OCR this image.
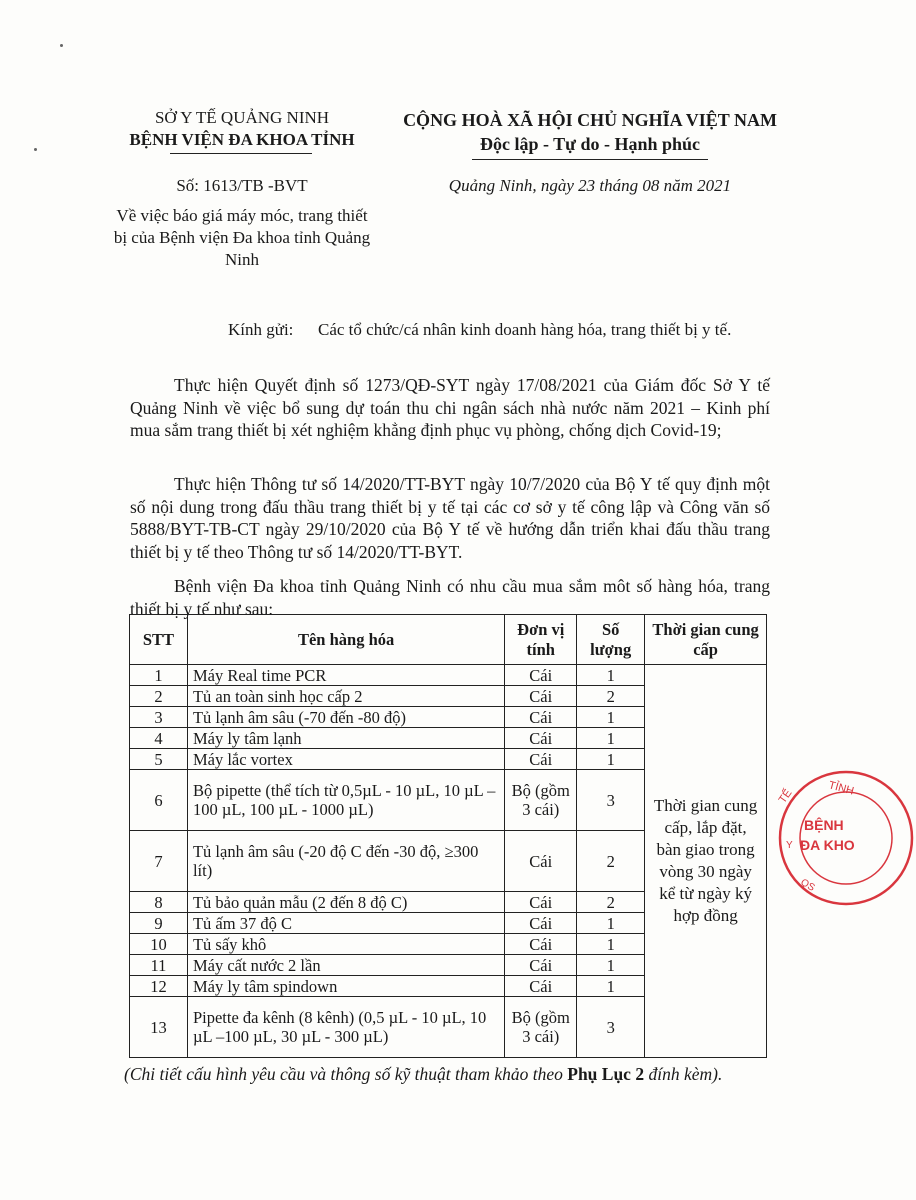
SỞ Y TẾ QUẢNG NINH
BỆNH VIỆN ĐA KHOA TỈNH
CỘNG HOÀ XÃ HỘI CHỦ NGHĨA VIỆT NAM
Độc lập - Tự do - Hạnh phúc
Số: 1613/TB -BVT	Quảng Ninh, ngày 23 tháng 08 năm 2021
Về việc báo giá máy móc, trang thiết bị của Bệnh viện Đa khoa tỉnh Quảng Ninh
Kính gửi: Các tổ chức/cá nhân kinh doanh hàng hóa, trang thiết bị y tế.
Thực hiện Quyết định số 1273/QĐ-SYT ngày 17/08/2021 của Giám đốc Sở Y tế Quảng Ninh về việc bổ sung dự toán thu chi ngân sách nhà nước năm 2021 – Kinh phí mua sắm trang thiết bị xét nghiệm khẳng định phục vụ phòng, chống dịch Covid-19;
Thực hiện Thông tư số 14/2020/TT-BYT ngày 10/7/2020 của Bộ Y tế quy định một số nội dung trong đấu thầu trang thiết bị y tế tại các cơ sở y tế công lập và Công văn số 5888/BYT-TB-CT ngày 29/10/2020 của Bộ Y tế về hướng dẫn triển khai đấu thầu trang thiết bị y tế theo Thông tư số 14/2020/TT-BYT.
Bệnh viện Đa khoa tỉnh Quảng Ninh có nhu cầu mua sắm môt số hàng hóa, trang thiết bị y tế như sau:
STT	Tên hàng hóa	Đơn vị tính	Số lượng	Thời gian cung cấp
1	Máy Real time PCR	Cái	1	Thời gian cung cấp, lắp đặt, bàn giao trong vòng 30 ngày kể từ ngày ký hợp đồng
2	Tủ an toàn sinh học cấp 2	Cái	2	
3	Tủ lạnh âm sâu (-70 đến -80 độ)	Cái	1	
4	Máy ly tâm lạnh	Cái	1	
5	Máy lắc vortex	Cái	1	
6	Bộ pipette (thể tích từ 0,5µL - 10 µL, 10 µL – 100 µL, 100 µL - 1000 µL)	Bộ (gồm 3 cái)	3	
7	Tủ lạnh âm sâu (-20 độ C đến -30 độ, ≥300 lít)	Cái	2	
8	Tủ bảo quản mẫu (2 đến 8 độ C)	Cái	2	
9	Tủ ấm 37 độ C	Cái	1	
10	Tủ sấy khô	Cái	1	
11	Máy cất nước 2 lần	Cái	1	
12	Máy ly tâm spindown	Cái	1	
13	Pipette đa kênh (8 kênh) (0,5 µL - 10 µL, 10 µL –100 µL, 30 µL - 300 µL)	Bộ (gồm 3 cái)	3	
(Chi tiết cấu hình yêu cầu và thông số kỹ thuật tham khảo theo Phụ Lục 2 đính kèm).
TỈNH
TẾ
BỆNH
ĐA KHO
Y
QS
